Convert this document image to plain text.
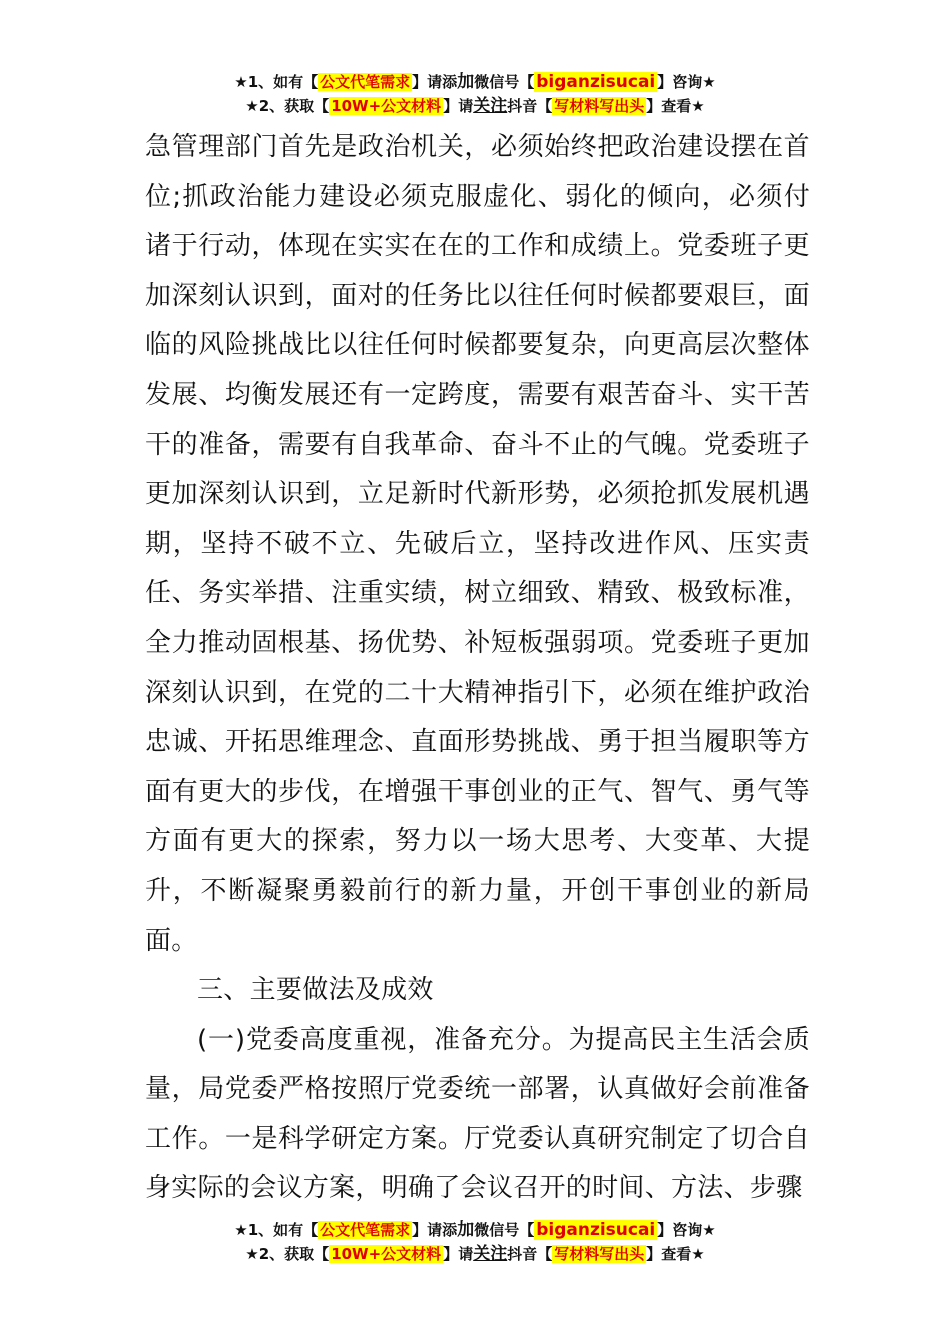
★1、如有【 公文代笔需求 】请添加微信号【 biganzisucai 】咨询★
★2、获取【 10W+公文材料 】请关注抖音【 写材料写出头 】查看★

急管理部门首先是政治机关，必须始终把政治建设摆在首位;抓政治能力建设必须克服虚化、弱化的倾向，必须付诸于行动，体现在实实在在的工作和成绩上。党委班子更加深刻认识到，面对的任务比以往任何时候都要艰巨，面临的风险挑战比以往任何时候都要复杂，向更高层次整体发展、均衡发展还有一定跨度，需要有艰苦奋斗、实干苦干的准备，需要有自我革命、奋斗不止的气魄。党委班子更加深刻认识到，立足新时代新形势，必须抢抓发展机遇期，坚持不破不立、先破后立，坚持改进作风、压实责任、务实举措、注重实绩，树立细致、精致、极致标准，全力推动固根基、扬优势、补短板强弱项。党委班子更加深刻认识到，在党的二十大精神指引下，必须在维护政治忠诚、开拓思维理念、直面形势挑战、勇于担当履职等方面有更大的步伐，在增强干事创业的正气、智气、勇气等方面有更大的探索，努力以一场大思考、大变革、大提升，不断凝聚勇毅前行的新力量，开创干事创业的新局面。

三、主要做法及成效

(一)党委高度重视，准备充分。为提高民主生活会质量，局党委严格按照厅党委统一部署，认真做好会前准备工作。一是科学研定方案。厅党委认真研究制定了切合自身实际的会议方案，明确了会议召开的时间、方法、步骤

★1、如有【 公文代笔需求 】请添加微信号【 biganzisucai 】咨询★
★2、获取【 10W+公文材料 】请关注抖音【 写材料写出头 】查看★
